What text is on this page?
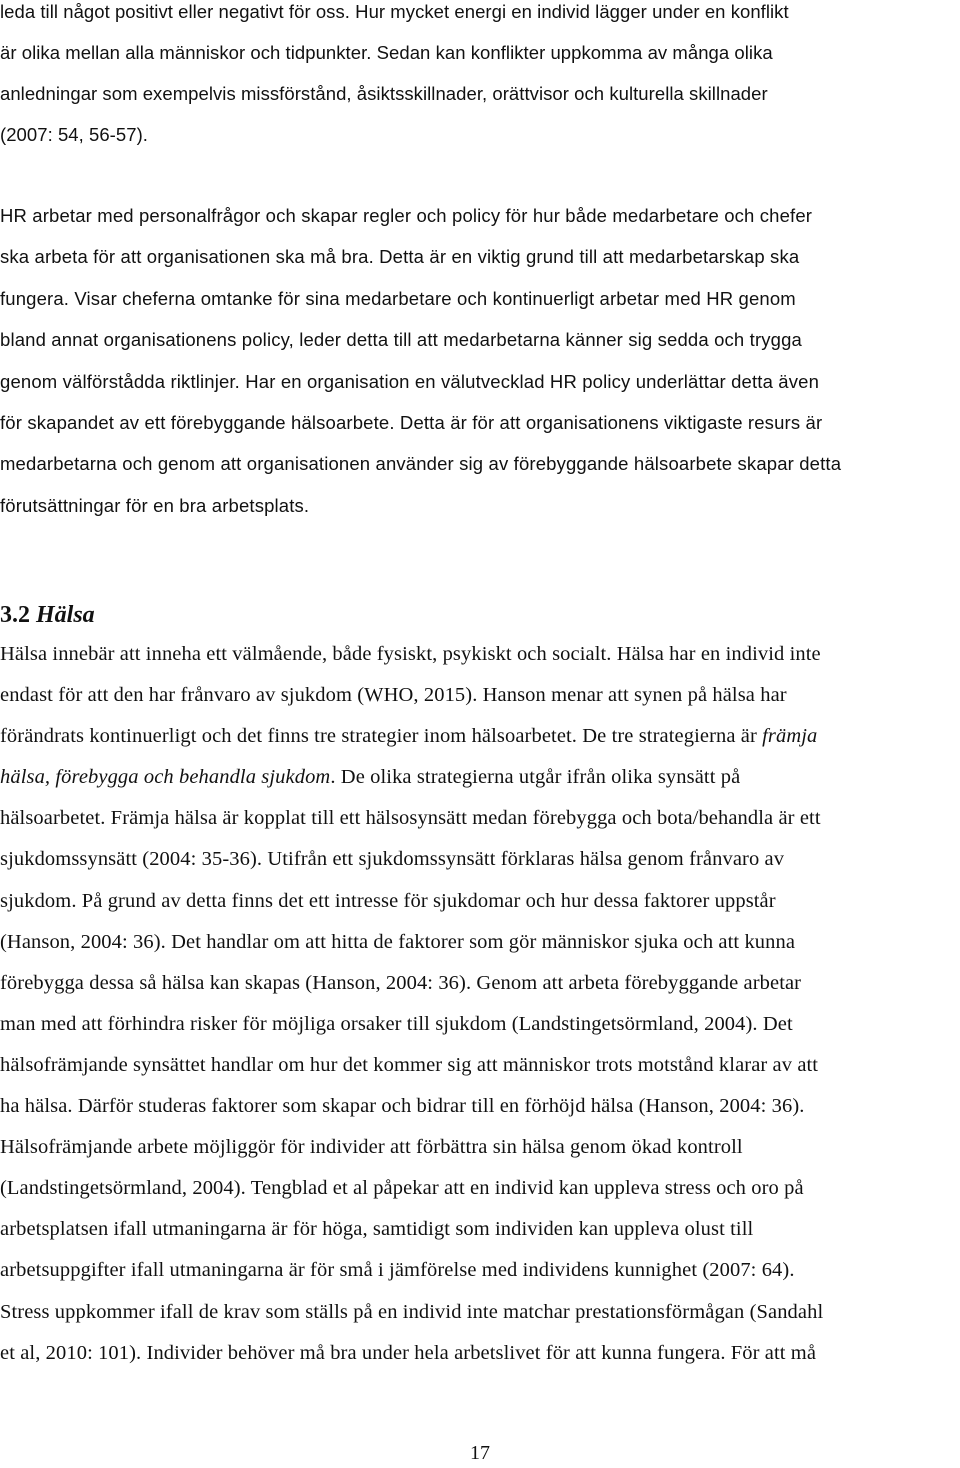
leda till något positivt eller negativt för oss. Hur mycket energi en individ lägger under en konflikt
är olika mellan alla människor och tidpunkter. Sedan kan konflikter uppkomma av många olika
anledningar som exempelvis missförstånd, åsiktsskillnader, orättvisor och kulturella skillnader
(2007: 54, 56-57).
HR arbetar med personalfrågor och skapar regler och policy för hur både medarbetare och chefer
ska arbeta för att organisationen ska må bra. Detta är en viktig grund till att medarbetarskap ska
fungera. Visar cheferna omtanke för sina medarbetare och kontinuerligt arbetar med HR genom
bland annat organisationens policy, leder detta till att medarbetarna känner sig sedda och trygga
genom välförstådda riktlinjer. Har en organisation en välutvecklad HR policy underlättar detta även
för skapandet av ett förebyggande hälsoarbete. Detta är för att organisationens viktigaste resurs är
medarbetarna och genom att organisationen använder sig av förebyggande hälsoarbete skapar detta
förutsättningar för en bra arbetsplats.
3.2 Hälsa
Hälsa innebär att inneha ett välmående, både fysiskt, psykiskt och socialt. Hälsa har en individ inte
endast för att den har frånvaro av sjukdom (WHO, 2015). Hanson menar att synen på hälsa har
förändrats kontinuerligt och det finns tre strategier inom hälsoarbetet. De tre strategierna är främja
hälsa, förebygga och behandla sjukdom. De olika strategierna utgår ifrån olika synsätt på
hälsoarbetet. Främja hälsa är kopplat till ett hälsosynsätt medan förebygga och bota/behandla är ett
sjukdomssynsätt (2004: 35-36). Utifrån ett sjukdomssynsätt förklaras hälsa genom frånvaro av
sjukdom. På grund av detta finns det ett intresse för sjukdomar och hur dessa faktorer uppstår
(Hanson, 2004: 36). Det handlar om att hitta de faktorer som gör människor sjuka och att kunna
förebygga dessa så hälsa kan skapas (Hanson, 2004: 36). Genom att arbeta förebyggande arbetar
man med att förhindra risker för möjliga orsaker till sjukdom (Landstingetsörmland, 2004). Det
hälsofrämjande synsättet handlar om hur det kommer sig att människor trots motstånd klarar av att
ha hälsa. Därför studeras faktorer som skapar och bidrar till en förhöjd hälsa (Hanson, 2004: 36).
Hälsofrämjande arbete möjliggör för individer att förbättra sin hälsa genom ökad kontroll
(Landstingetsörmland, 2004). Tengblad et al påpekar att en individ kan uppleva stress och oro på
arbetsplatsen ifall utmaningarna är för höga, samtidigt som individen kan uppleva olust till
arbetsuppgifter ifall utmaningarna är för små i jämförelse med individens kunnighet (2007: 64).
Stress uppkommer ifall de krav som ställs på en individ inte matchar prestationsförmågan (Sandahl
et al, 2010: 101). Individer behöver må bra under hela arbetslivet för att kunna fungera. För att må
17
